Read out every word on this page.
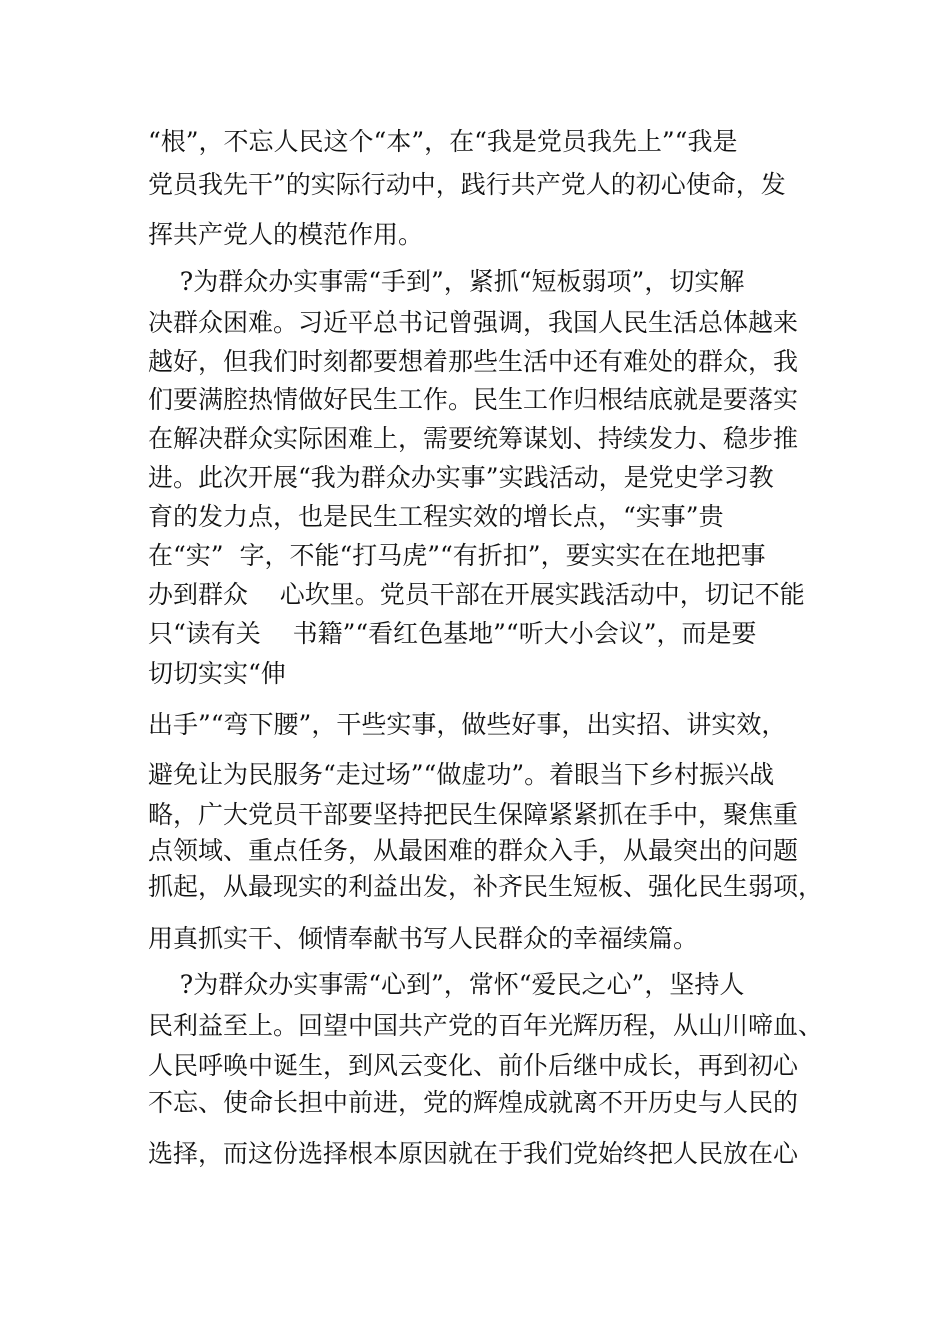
“根”，不忘人民这个“本”，在“我是党员我先上”“我是
党员我先干”的实际行动中，践行共产党人的初心使命，发
挥共产党人的模范作用。
?为群众办实事需“手到”，紧抓“短板弱项”，切实解
决群众困难。习近平总书记曾强调，我国人民生活总体越来
越好，但我们时刻都要想着那些生活中还有难处的群众，我
们要满腔热情做好民生工作。民生工作归根结底就是要落实
在解决群众实际困难上，需要统筹谋划、持续发力、稳步推
进。此次开展“我为群众办实事”实践活动，是党史学习教
育的发力点，也是民生工程实效的增长点，“实事”贵
在“实”  字，不能“打马虎”“有折扣”，要实实在在地把事
办到群众    心坎里。党员干部在开展实践活动中，切记不能
只“读有关    书籍”“看红色基地”“听大小会议”，而是要
切切实实“伸
出手”“弯下腰”，干些实事，做些好事，出实招、讲实效，
避免让为民服务“走过场”“做虚功”。着眼当下乡村振兴战
略，广大党员干部要坚持把民生保障紧紧抓在手中，聚焦重
点领域、重点任务，从最困难的群众入手，从最突出的问题
抓起，从最现实的利益出发，补齐民生短板、强化民生弱项，
用真抓实干、倾情奉献书写人民群众的幸福续篇。
?为群众办实事需“心到”，常怀“爱民之心”，坚持人
民利益至上。回望中国共产党的百年光辉历程，从山川啼血、
人民呼唤中诞生，到风云变化、前仆后继中成长，再到初心
不忘、使命长担中前进，党的辉煌成就离不开历史与人民的
选择，而这份选择根本原因就在于我们党始终把人民放在心
